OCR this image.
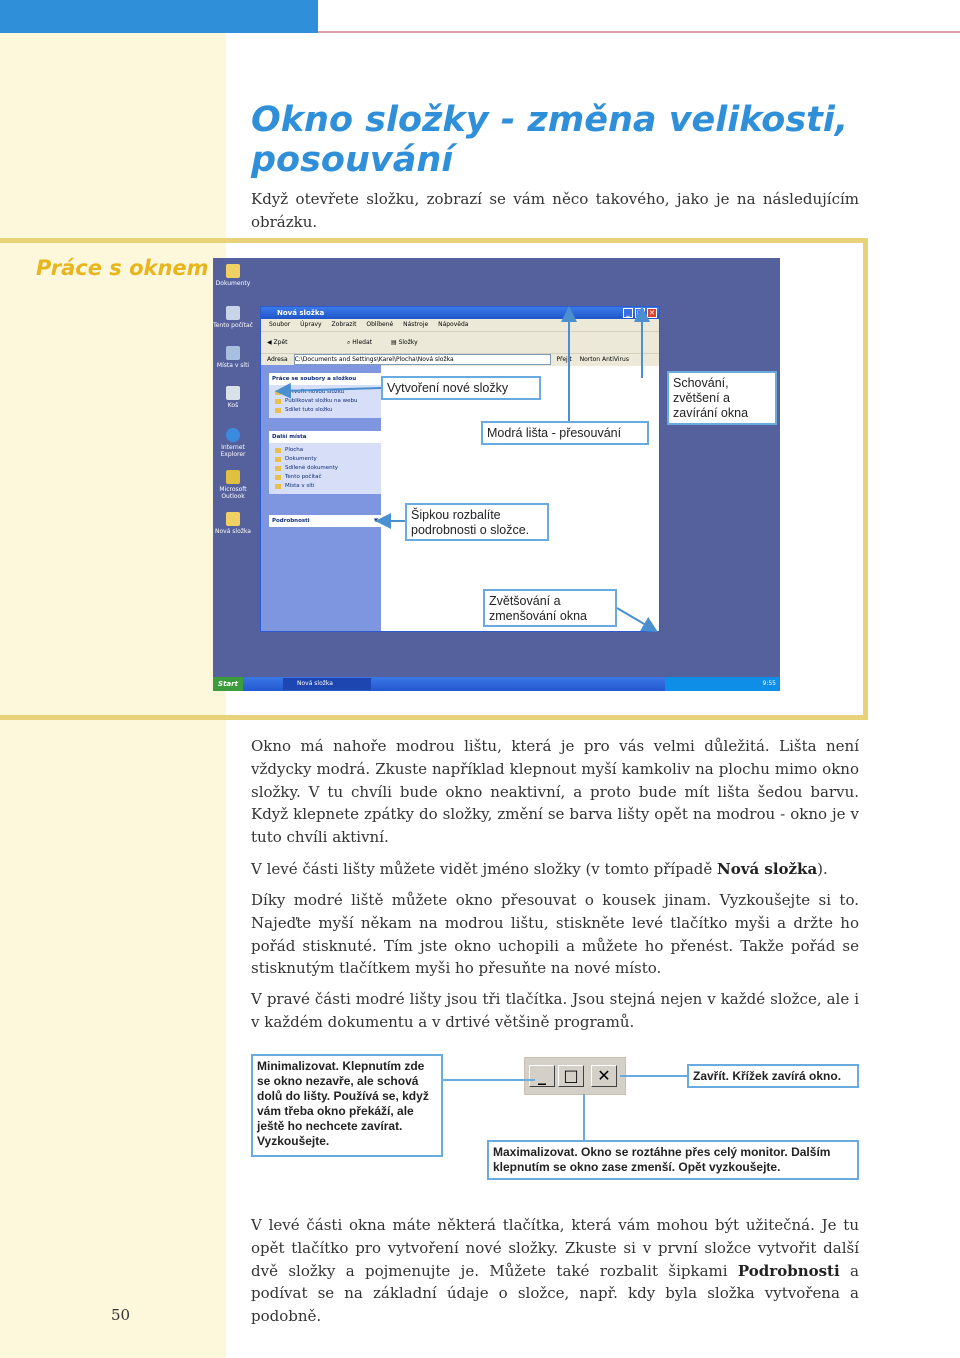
Okno složky - změna velikosti, posouvání
Když otevřete složku, zobrazí se vám něco takového, jako je na následujícím obrázku.
Práce s oknem
Dokumenty
Tento počítač
Místa v síti
Koš
Internet Explorer
Microsoft Outlook
Nová složka
Nová složka	_ □ ✕
Soubor Úpravy Zobrazit Oblíbené Nástroje Nápověda
◀ Zpět	⌕ Hledat	▤ Složky
Adresa C:\Documents and Settings\Karel\Plocha\Nová složka	Přejít Norton AntiVirus
Práce se soubory a složkou
Vytvořit novou složku
Publikovat složku na webu
Sdílet tuto složku
Další místa
Plocha
Dokumenty
Sdílené dokumenty
Tento počítač
Místa v síti
Podrobnosti	¥
Start	Nová složka	9:55
Vytvoření nové složky
Modrá lišta - přesouvání
Schování, zvětšení a zavírání okna
Šipkou rozbalíte podrobnosti o složce.
Zvětšování a zmenšování okna
Okno má nahoře modrou lištu, která je pro vás velmi důležitá. Lišta není vždycky modrá. Zkuste například klepnout myší kamkoliv na plochu mimo okno složky. V tu chvíli bude okno neaktivní, a proto bude mít lišta šedou barvu. Když klepnete zpátky do složky, změní se barva lišty opět na modrou - okno je v tuto chvíli aktivní.
V levé části lišty můžete vidět jméno složky (v tomto případě Nová složka).
Díky modré liště můžete okno přesouvat o kousek jinam. Vyzkoušejte si to. Najeďte myší někam na modrou lištu, stiskněte levé tlačítko myši a držte ho pořád stisknuté. Tím jste okno uchopili a můžete ho přenést. Takže pořád se stisknutým tlačítkem myši ho přesuňte na nové místo.
V pravé části modré lišty jsou tři tlačítka. Jsou stejná nejen v každé složce, ale i v každém dokumentu a v drtivé většině programů.
Minimalizovat. Klepnutím zde se okno nezavře, ale schová dolů do lišty. Používá se, když vám třeba okno překáží, ale ještě ho nechcete zavírat. Vyzkoušejte.
_	□	✕	Zavřít. Křížek zavírá okno.
Maximalizovat. Okno se roztáhne přes celý monitor. Dalším klepnutím se okno zase zmenší. Opět vyzkoušejte.
V levé části okna máte některá tlačítka, která vám mohou být užitečná. Je tu opět tlačítko pro vytvoření nové složky. Zkuste si v první složce vytvořit další dvě složky a pojmenujte je. Můžete také rozbalit šipkami Podrobnosti a podívat se na základní údaje o složce, např. kdy byla složka vytvořena a podobně.
50
